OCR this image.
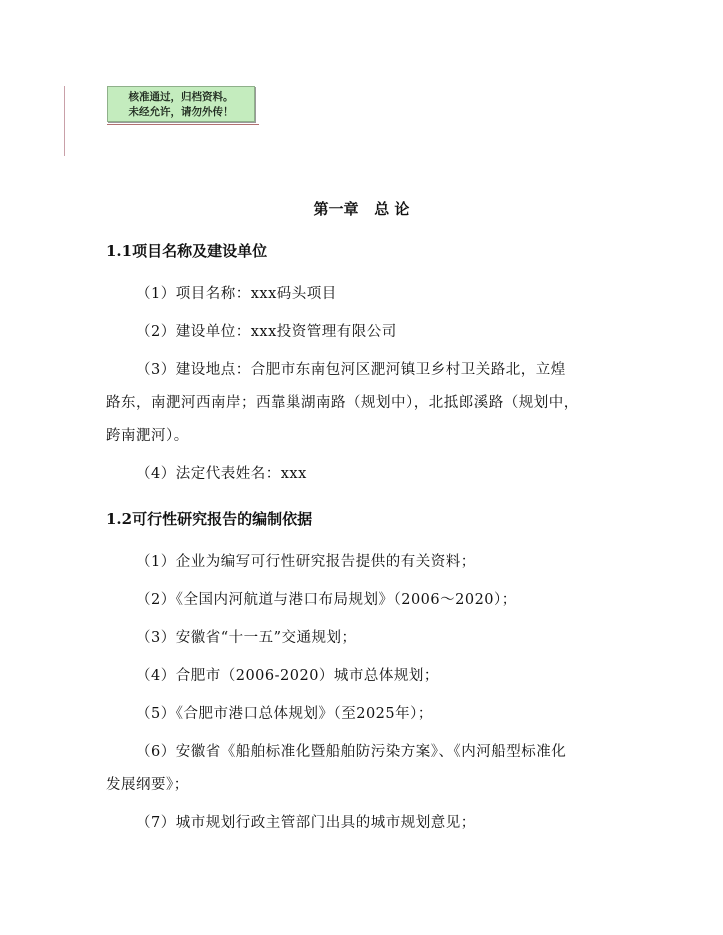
核准通过，归档资料。
未经允许，请勿外传！
第一章   总 论
1.1项目名称及建设单位
（1）项目名称：xxx码头项目
（2）建设单位：xxx投资管理有限公司
（3）建设地点：合肥市东南包河区淝河镇卫乡村卫关路北，立煌
路东，南淝河西南岸；西靠巢湖南路（规划中），北抵郎溪路（规划中，
跨南淝河）。
（4）法定代表姓名：xxx
1.2可行性研究报告的编制依据
（1）企业为编写可行性研究报告提供的有关资料；
（2）《全国内河航道与港口布局规划》（2006～2020）；
（3）安徽省“十一五”交通规划；
（4）合肥市（2006-2020）城市总体规划；
（5）《合肥市港口总体规划》（至2025年）；
（6）安徽省《船舶标准化暨船舶防污染方案》、《内河船型标准化
发展纲要》；
（7）城市规划行政主管部门出具的城市规划意见；
